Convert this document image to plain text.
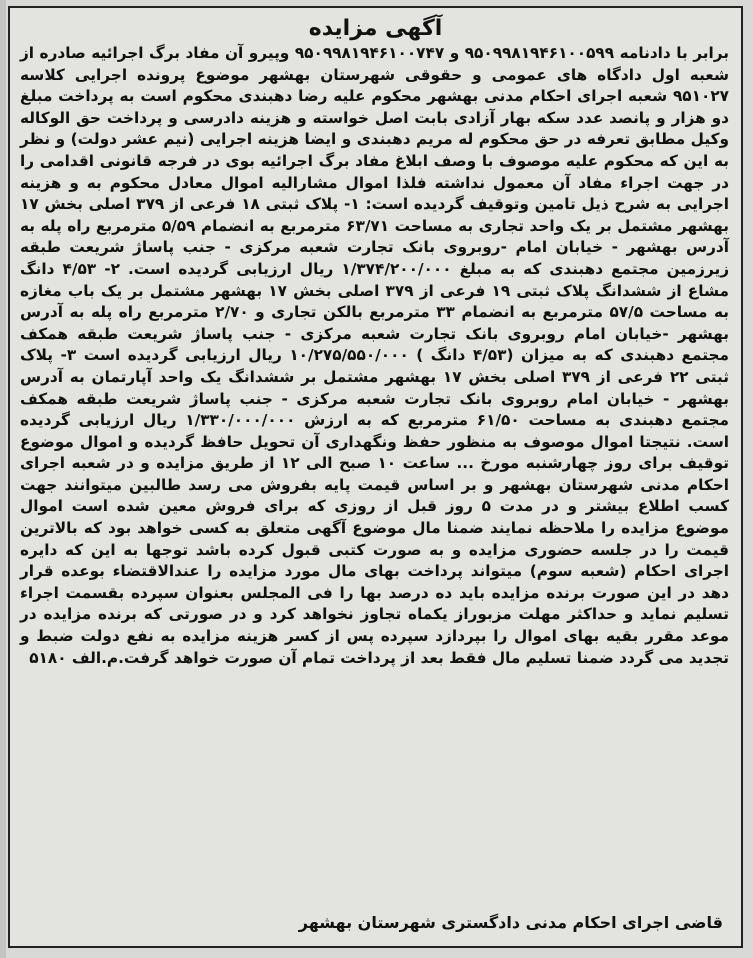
آگهی مزایده

برابر با دادنامه ۹۵۰۹۹۸۱۹۴۶۱۰۰۵۹۹ و ۹۵۰۹۹۸۱۹۴۶۱۰۰۷۴۷ وپیرو آن مفاد برگ اجرائیه صادره از شعبه اول دادگاه های عمومی و حقوقی شهرستان بهشهر موضوع پرونده اجرایی کلاسه ۹۵۱۰۲۷ شعبه اجرای احکام مدنی بهشهر محکوم علیه رضا دهبندی محکوم است به پرداخت مبلغ دو هزار و پانصد عدد سکه بهار آزادی بابت اصل خواسته و هزینه دادرسی و پرداخت حق الوکاله وکیل مطابق تعرفه در حق محکوم له مریم دهبندی و ایضا هزینه اجرایی (نیم عشر دولت) و نظر به این که محکوم علیه موصوف با وصف ابلاغ مفاد برگ اجرائیه بوی در فرجه قانونی اقدامی را در جهت اجراء مفاد آن معمول نداشته فلذا اموال مشارالیه اموال معادل محکوم به و هزینه اجرایی به شرح ذیل تامین وتوقیف گردیده است: ۱- پلاک ثبتی ۱۸ فرعی از ۳۷۹ اصلی بخش ۱۷ بهشهر مشتمل بر یک واحد تجاری به مساحت ۶۳/۷۱ مترمربع به انضمام ۵/۵۹ مترمربع راه پله به آدرس بهشهر - خیابان امام -روبروی بانک تجارت شعبه مرکزی - جنب پاساژ شریعت طبقه زیرزمین مجتمع دهبندی که به مبلغ ۱/۳۷۴/۲۰۰/۰۰۰ ریال ارزیابی گردیده است. ۲- ۴/۵۳ دانگ مشاع از ششدانگ پلاک ثبتی ۱۹ فرعی از ۳۷۹ اصلی بخش ۱۷ بهشهر مشتمل بر یک باب مغازه به مساحت ۵۷/۵ مترمربع به انضمام ۳۳ مترمربع بالکن تجاری و ۲/۷۰ مترمربع راه پله به آدرس بهشهر -خیابان امام روبروی بانک تجارت شعبه مرکزی - جنب پاساژ شریعت طبقه همکف مجتمع دهبندی که به میزان (۴/۵۳ دانگ ) ۱۰/۲۷۵/۵۵۰/۰۰۰ ریال ارزیابی گردیده است ۳- پلاک ثبتی ۲۲ فرعی از ۳۷۹ اصلی بخش ۱۷ بهشهر مشتمل بر ششدانگ یک واحد آپارتمان به آدرس بهشهر - خیابان امام روبروی بانک تجارت شعبه مرکزی - جنب پاساژ شریعت طبقه همکف مجتمع دهبندی به مساحت ۶۱/۵۰ مترمربع که به ارزش ۱/۳۳۰/۰۰۰/۰۰۰ ریال ارزیابی گردیده است. نتیجتا اموال موصوف به منظور حفظ ونگهداری آن تحویل حافظ گردیده و اموال موضوع توقیف برای روز چهارشنبه مورخ ... ساعت ۱۰ صبح الی ۱۲ از طریق مزایده و در شعبه اجرای احکام مدنی شهرستان بهشهر و بر اساس قیمت پایه بفروش می رسد طالبین میتوانند جهت کسب اطلاع بیشتر و در مدت ۵ روز قبل از روزی که برای فروش معین شده است اموال موضوع مزایده را ملاحظه نمایند ضمنا مال موضوع آگهی متعلق به کسی خواهد بود که بالاترین قیمت را در جلسه حضوری مزایده و به صورت کتبی قبول کرده باشد توجها به این که دایره اجرای احکام (شعبه سوم) میتواند پرداخت بهای مال مورد مزایده را عندالاقتضاء بوعده قرار دهد در این صورت برنده مزایده باید ده درصد بها را فی المجلس بعنوان سپرده بقسمت اجراء تسلیم نماید و حداکثر مهلت مزبوراز یکماه تجاوز نخواهد کرد و در صورتی که برنده مزایده در موعد مقرر بقیه بهای اموال را بپردازد سپرده پس از کسر هزینه مزایده به نفع دولت ضبط و تجدید می گردد ضمنا تسلیم مال فقط بعد از پرداخت تمام آن صورت خواهد گرفت.م.الف ۵۱۸۰

قاضی اجرای احکام مدنی دادگستری شهرستان بهشهر
